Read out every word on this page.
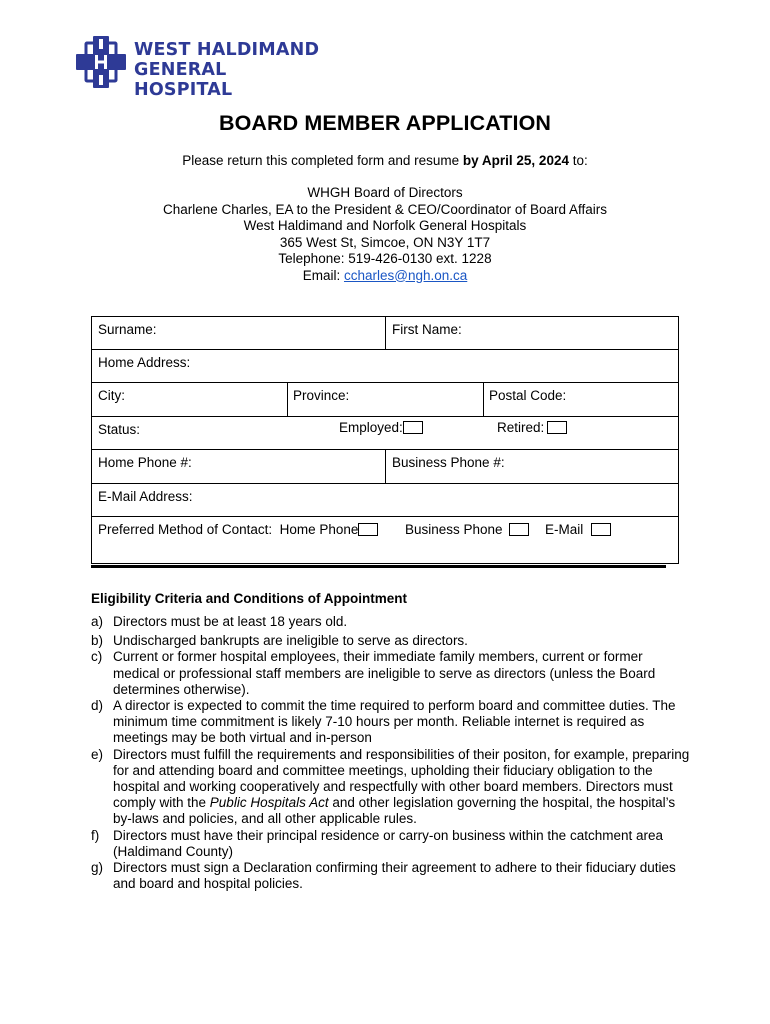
WEST HALDIMAND
GENERAL HOSPITAL
BOARD MEMBER APPLICATION
Please return this completed form and resume by April 25, 2024 to:
WHGH Board of Directors
Charlene Charles, EA to the President & CEO/Coordinator of Board Affairs
West Haldimand and Norfolk General Hospitals
365 West St, Simcoe, ON N3Y 1T7
Telephone: 519-426-0130 ext. 1228
Email: ccharles@ngh.on.ca
Surname:	First Name:
Home Address:
City:	Province:	Postal Code:
Status:	Employed:	Retired:
Home Phone #:	Business Phone #:
E-Mail Address:
Preferred Method of Contact: Home Phone	Business Phone	E-Mail
Eligibility Criteria and Conditions of Appointment
a) Directors must be at least 18 years old.
b) Undischarged bankrupts are ineligible to serve as directors.
c) Current or former hospital employees, their immediate family members, current or former medical or professional staff members are ineligible to serve as directors (unless the Board determines otherwise).
d) A director is expected to commit the time required to perform board and committee duties. The minimum time commitment is likely 7-10 hours per month. Reliable internet is required as meetings may be both virtual and in-person
e) Directors must fulfill the requirements and responsibilities of their positon, for example, preparing for and attending board and committee meetings, upholding their fiduciary obligation to the hospital and working cooperatively and respectfully with other board members. Directors must comply with the Public Hospitals Act and other legislation governing the hospital, the hospital’s by-laws and policies, and all other applicable rules.
f) Directors must have their principal residence or carry-on business within the catchment area (Haldimand County)
g) Directors must sign a Declaration confirming their agreement to adhere to their fiduciary duties and board and hospital policies.
